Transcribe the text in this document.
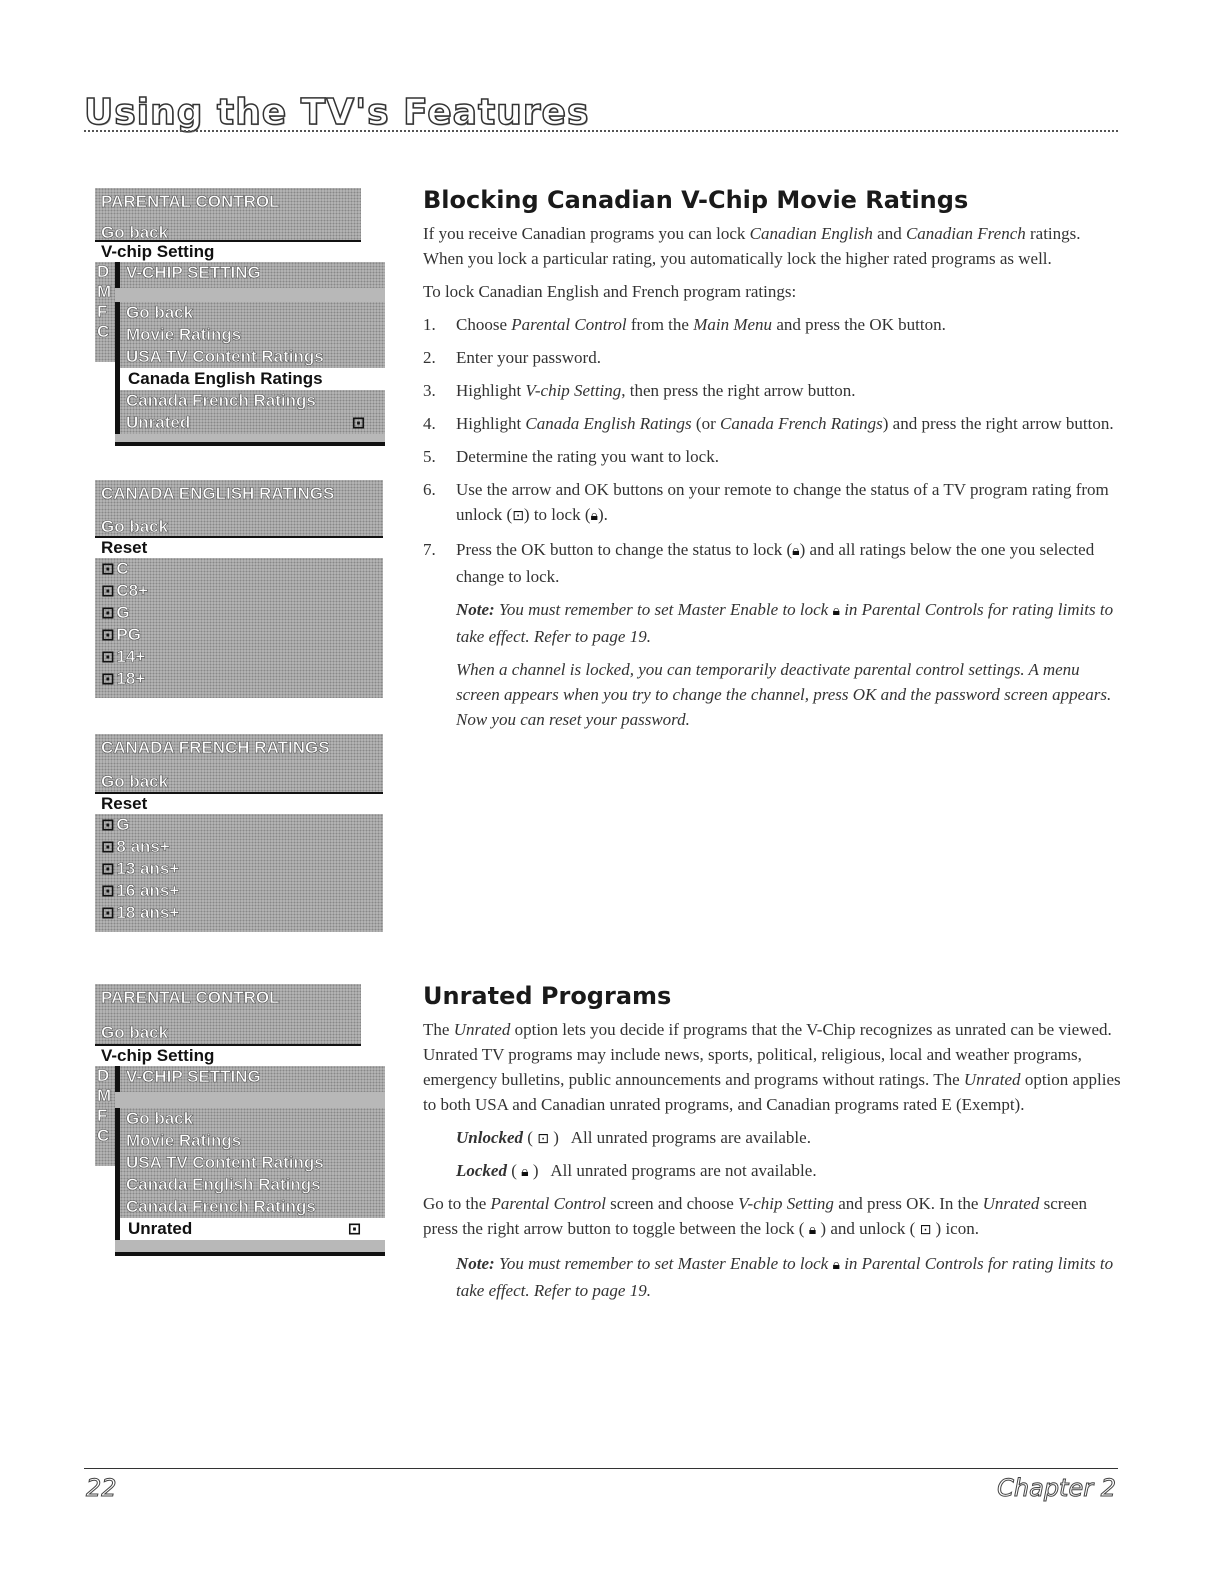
Using the TV's Features
PARENTAL CONTROL
Go back
V-chip Setting
D
M
F
C
V-CHIP SETTING
Go back
Movie Ratings
USA TV Content Ratings
Canada English Ratings
Canada French Ratings
Unrated	⊡
CANADA ENGLISH RATINGS
Go back
Reset
⊡ C
⊡ C8+
⊡ G
⊡ PG
⊡ 14+
⊡ 18+
CANADA FRENCH RATINGS
Go back
Reset
⊡ G
⊡ 8 ans+
⊡ 13 ans+
⊡ 16 ans+
⊡ 18 ans+
PARENTAL CONTROL
Go back
V-chip Setting
D
M
F
C
V-CHIP SETTING
Go back
Movie Ratings
USA TV Content Ratings
Canada English Ratings
Canada French Ratings
Unrated	⊡
Blocking Canadian V-Chip Movie Ratings

If you receive Canadian programs you can lock Canadian English and Canadian French ratings. When you lock a particular rating, you automatically lock the higher rated programs as well.

To lock Canadian English and French program ratings:

1. Choose Parental Control from the Main Menu and press the OK button.
2. Enter your password.
3. Highlight V-chip Setting, then press the right arrow button.
4. Highlight Canada English Ratings (or Canada French Ratings) and press the right arrow button.
5. Determine the rating you want to lock.
6. Use the arrow and OK buttons on your remote to change the status of a TV program rating from unlock (⊡) to lock (🔒︎).
7. Press the OK button to change the status to lock (🔒︎) and all ratings below the one you selected change to lock.

Note: You must remember to set Master Enable to lock 🔒︎ in Parental Controls for rating limits to take effect. Refer to page 19.

When a channel is locked, you can temporarily deactivate parental control settings. A menu screen appears when you try to change the channel, press OK and the password screen appears. Now you can reset your password.

Unrated Programs

The Unrated option lets you decide if programs that the V-Chip recognizes as unrated can be viewed. Unrated TV programs may include news, sports, political, religious, local and weather programs, emergency bulletins, public announcements and programs without ratings. The Unrated option applies to both USA and Canadian unrated programs, and Canadian programs rated E (Exempt).

Unlocked ( ⊡ )   All unrated programs are available.
Locked ( 🔒︎ )   All unrated programs are not available.

Go to the Parental Control screen and choose V-chip Setting and press OK. In the Unrated screen press the right arrow button to toggle between the lock ( 🔒︎ ) and unlock ( ⊡ ) icon.

Note: You must remember to set Master Enable to lock 🔒︎ in Parental Controls for rating limits to take effect. Refer to page 19.

22	Chapter 2
